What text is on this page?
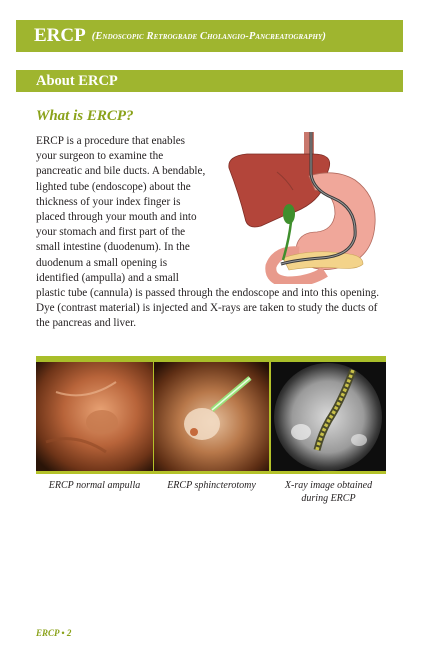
ERCP (Endoscopic Retrograde Cholangio-Pancreatography)
About ERCP
What is ERCP?
ERCP is a procedure that enables your surgeon to examine the pancreatic and bile ducts. A bendable, lighted tube (endoscope) about the thickness of your index finger is placed through your mouth and into your stomach and first part of the small intestine (duodenum). In the duodenum a small opening is identified (ampulla) and a small plastic tube (cannula) is passed through the endoscope and into this opening. Dye (contrast material) is injected and X-rays are taken to study the ducts of the pancreas and liver.
ERCP normal ampulla	ERCP sphincterotomy	X-ray image obtained during ERCP
ERCP • 2
